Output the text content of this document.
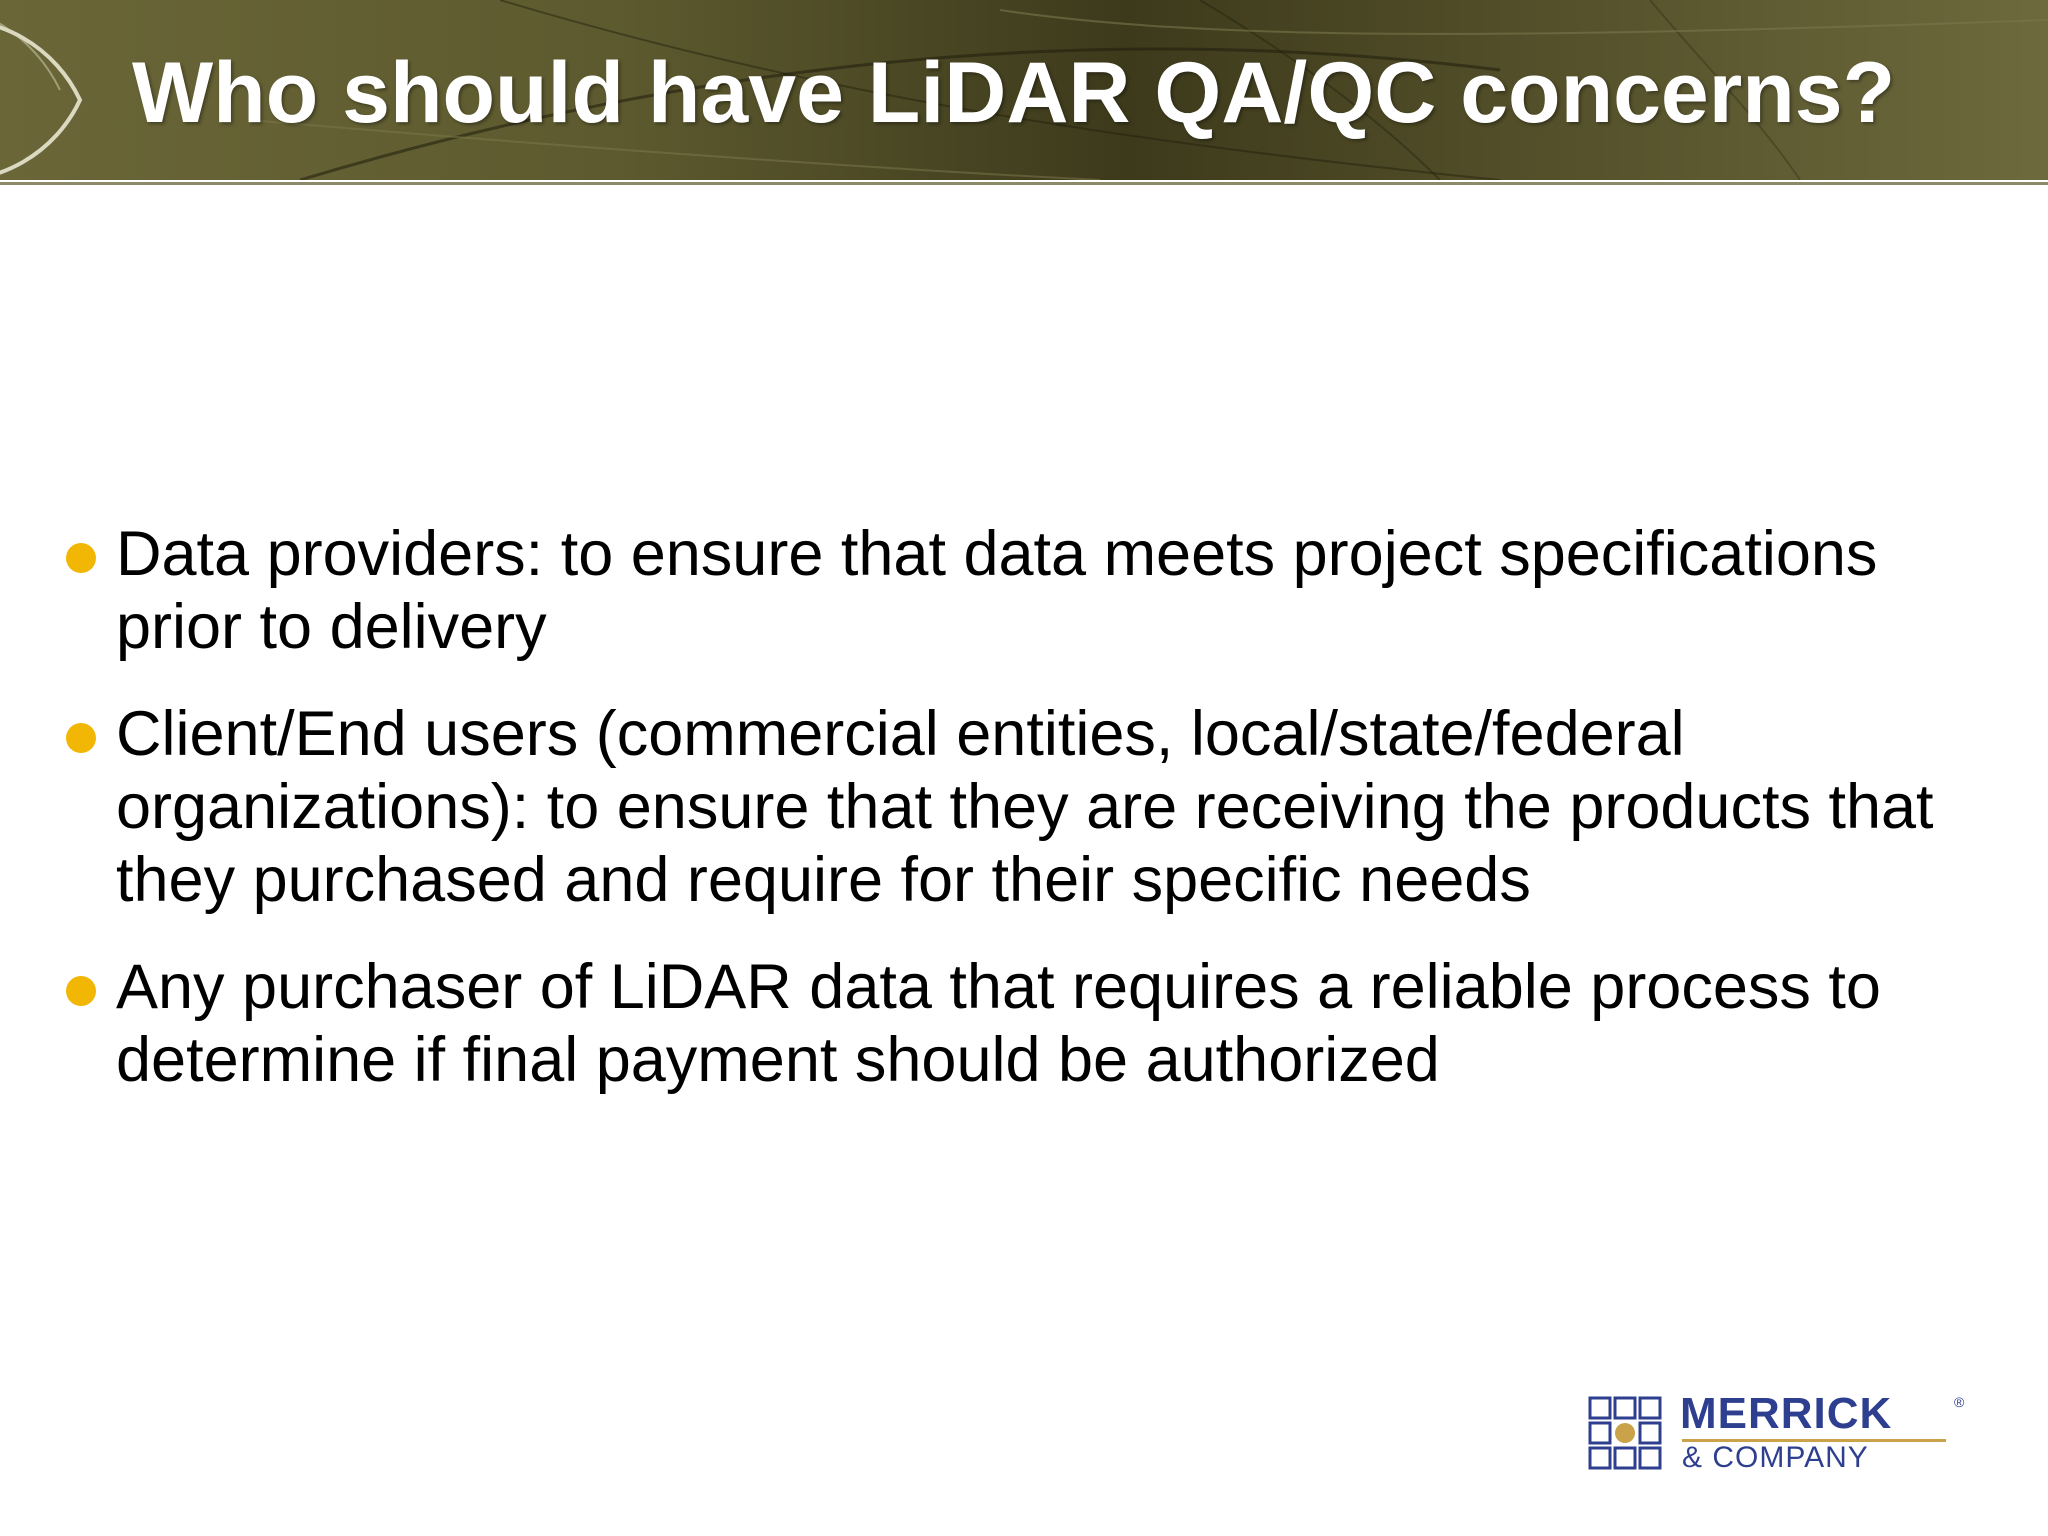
Who should have LiDAR QA/QC concerns?
Data providers: to ensure that data meets project specifications prior to delivery
Client/End users (commercial entities, local/state/federal organizations): to ensure that they are receiving the products that they purchased and require for their specific needs
Any purchaser of LiDAR data that requires a reliable process to determine if final payment should be authorized
MERRICK	®
& COMPANY
